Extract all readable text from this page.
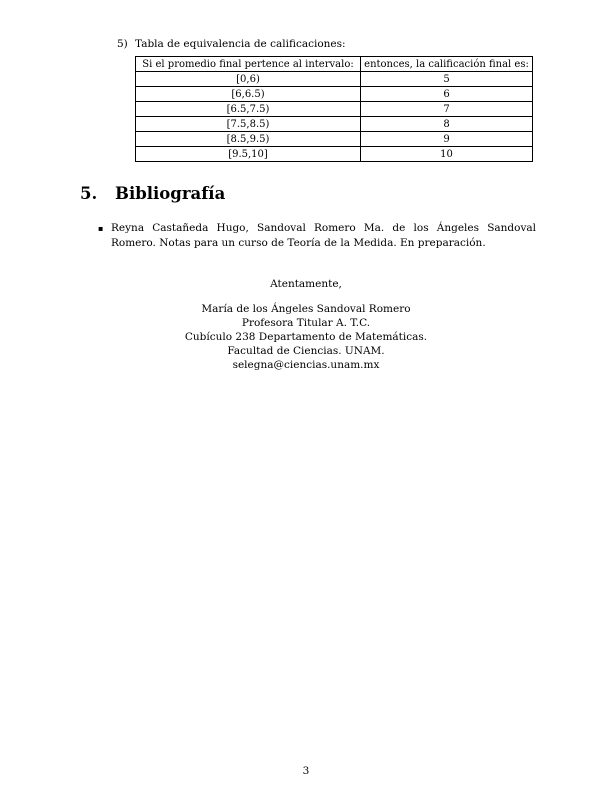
5) Tabla de equivalencia de calificaciones:
Si el promedio final pertence al intervalo:	entonces, la calificación final es:
[0,6)	5
[6,6.5)	6
[6.5,7.5)	7
[7.5,8.5)	8
[8.5,9.5)	9
[9.5,10]	10
5. Bibliografía
▪ Reyna Castañeda Hugo, Sandoval Romero Ma. de los Ángeles Sandoval Romero. Notas para un curso de Teoría de la Medida. En preparación.
Atentamente,
María de los Ángeles Sandoval Romero
Profesora Titular A. T.C.
Cubículo 238 Departamento de Matemáticas.
Facultad de Ciencias. UNAM.
selegna@ciencias.unam.mx
3
